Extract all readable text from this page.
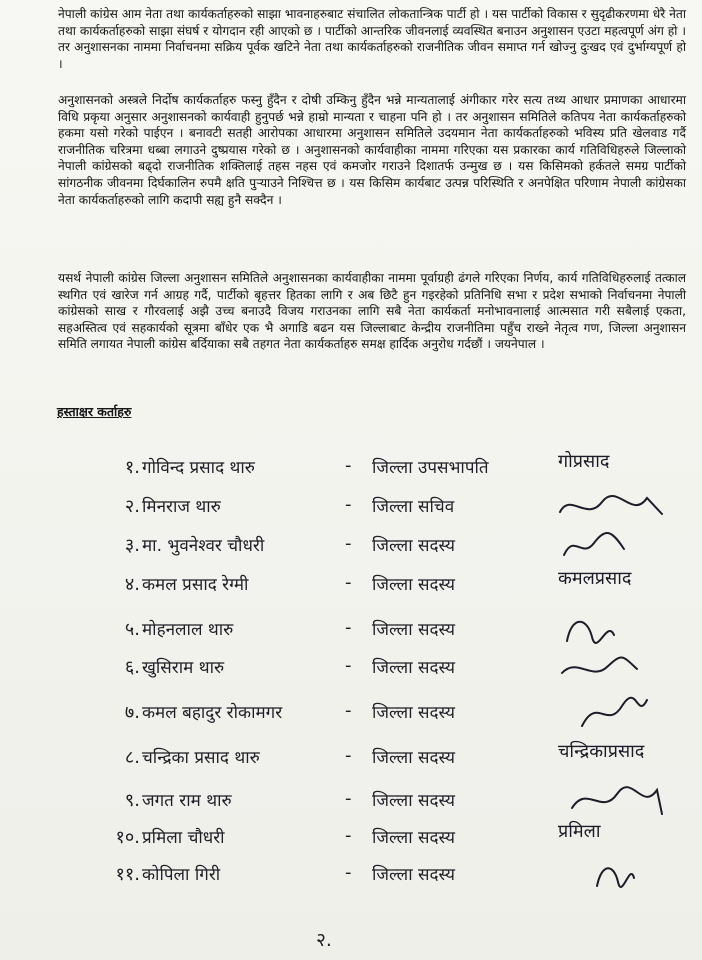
नेपाली कांग्रेस आम नेता तथा कार्यकर्ताहरुको साझा भावनाहरुबाट संचालित लोकतान्त्रिक पार्टी हो । यस पार्टीको विकास र सुदृढीकरणमा धेरै नेता तथा कार्यकर्ताहरुको साझा संघर्ष र योगदान रही आएको छ । पार्टीको आन्तरिक जीवनलाई व्यवस्थित बनाउन अनुशासन एउटा महत्वपूर्ण अंग हो । तर अनुशासनका नाममा निर्वाचनमा सक्रिय पूर्वक खटिने नेता तथा कार्यकर्ताहरुको राजनीतिक जीवन समाप्त गर्न खोज्नु दुःखद एवं दुर्भाग्यपूर्ण हो ।
अनुशासनको अस्त्रले निर्दोष कार्यकर्ताहरु फस्नु हुँदैन र दोषी उम्किनु हुँदैन भन्ने मान्यतालाई अंगीकार गरेर सत्य तथ्य आधार प्रमाणका आधारमा विधि प्रकृया अनुसार अनुशासनको कार्यवाही हुनुपर्छ भन्ने हाम्रो मान्यता र चाहना पनि हो । तर अनुशासन समितिले कतिपय नेता कार्यकर्ताहरुको हकमा यसो गरेको पाईएन । बनावटी सतही आरोपका आधारमा अनुशासन समितिले उदयमान नेता कार्यकर्ताहरुको भविस्य प्रति खेलवाड गर्दै राजनीतिक चरित्रमा धब्बा लगाउने दुष्प्रयास गरेको छ । अनुशासनको कार्यवाहीका नाममा गरिएका यस प्रकारका कार्य गतिविधिहरुले जिल्लाको नेपाली कांग्रेसको बढ्दो राजनीतिक शक्तिलाई तहस नहस एवं कमजोर गराउने दिशातर्फ उन्मुख छ । यस किसिमको हर्कतले समग्र पार्टीको सांगठनीक जीवनमा दिर्घकालिन रुपमै क्षति पुऱ्याउने निश्चित्त छ । यस किसिम कार्यबाट उत्पन्न परिस्थिति र अनपेक्षित परिणाम नेपाली कांग्रेसका नेता कार्यकर्ताहरुको लागि कदापी सह्य हुनै सक्दैन ।
यसर्थ नेपाली कांग्रेस जिल्ला अनुशासन समितिले अनुशासनका कार्यवाहीका नाममा पूर्वाग्रही ढंगले गरिएका निर्णय, कार्य गतिविधिहरुलाई तत्काल स्थगित एवं खारेज गर्न आग्रह गर्दै, पार्टीको बृहत्तर हितका लागि र अब छिटै हुन गइरहेको प्रतिनिधि सभा र प्रदेश सभाको निर्वाचनमा नेपाली कांग्रेसको साख र गौरवलाई अझै उच्च बनाउदै विजय गराउनका लागि सबै नेता कार्यकर्ता मनोभावनालाई आत्मसात गरी सबैलाई एकता, सहअस्तित्व एवं सहकार्यको सूत्रमा बाँधेर एक भै अगाडि बढन यस जिल्लाबाट केन्द्रीय राजनीतिमा पहुँच राख्ने नेतृत्व गण, जिल्ला अनुशासन समिति लगायत नेपाली कांग्रेस बर्दियाका सबै तहगत नेता कार्यकर्ताहरु समक्ष हार्दिक अनुरोध गर्दछौं । जयनेपाल ।
हस्ताक्षर कर्ताहरु
१. गोविन्द प्रसाद थारु	-	जिल्ला उपसभापति	गोप्रसाद
२. मिनराज थारु	-	जिल्ला सचिव
३. मा. भुवनेश्वर चौधरी	-	जिल्ला सदस्य
४. कमल प्रसाद रेग्मी	-	जिल्ला सदस्य	कमलप्रसाद
५. मोहनलाल थारु	-	जिल्ला सदस्य
६. खुसिराम थारु	-	जिल्ला सदस्य
७. कमल बहादुर रोकामगर	-	जिल्ला सदस्य
८. चन्द्रिका प्रसाद थारु	-	जिल्ला सदस्य	चन्द्रिकाप्रसाद
९. जगत राम थारु	-	जिल्ला सदस्य
१०. प्रमिला चौधरी	-	जिल्ला सदस्य	प्रमिला
११. कोपिला गिरी	-	जिल्ला सदस्य
२.
